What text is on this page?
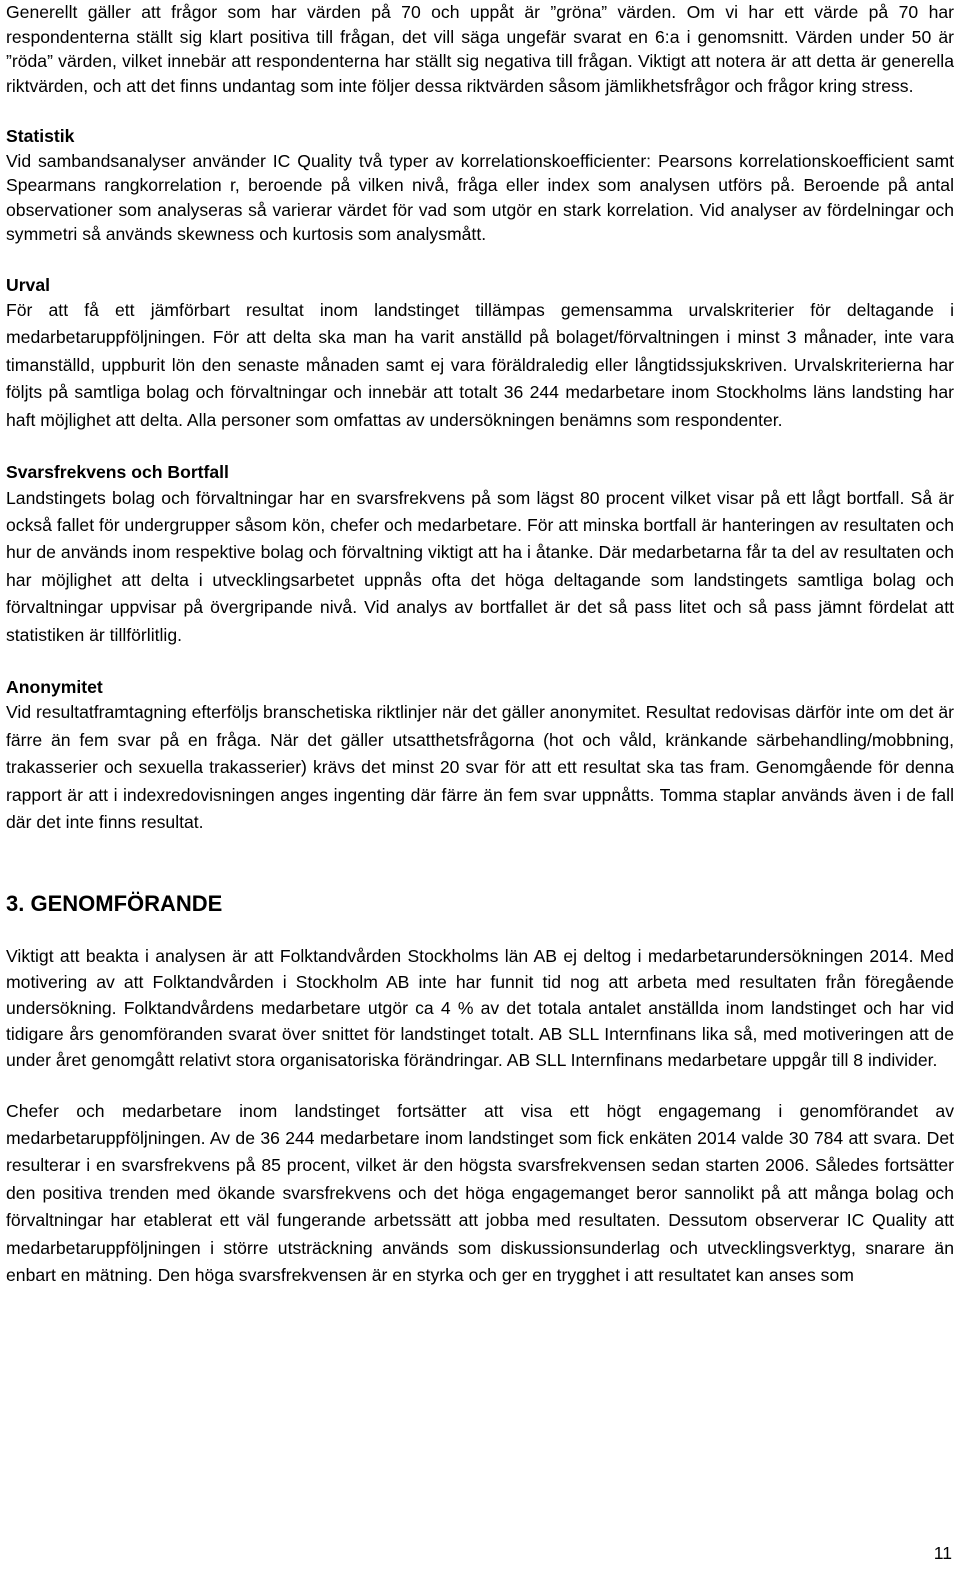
Generellt gäller att frågor som har värden på 70 och uppåt är ”gröna” värden. Om vi har ett värde på 70 har respondenterna ställt sig klart positiva till frågan, det vill säga ungefär svarat en 6:a i genomsnitt. Värden under 50 är ”röda” värden, vilket innebär att respondenterna har ställt sig negativa till frågan. Viktigt att notera är att detta är generella riktvärden, och att det finns undantag som inte följer dessa riktvärden såsom jämlikhetsfrågor och frågor kring stress.

Statistik

Vid sambandsanalyser använder IC Quality två typer av korrelationskoefficienter: Pearsons korrelationskoefficient samt Spearmans rangkorrelation r, beroende på vilken nivå, fråga eller index som analysen utförs på. Beroende på antal observationer som analyseras så varierar värdet för vad som utgör en stark korrelation. Vid analyser av fördelningar och symmetri så används skewness och kurtosis som analysmått.

Urval

För att få ett jämförbart resultat inom landstinget tillämpas gemensamma urvalskriterier för deltagande i medarbetaruppföljningen. För att delta ska man ha varit anställd på bolaget/förvaltningen i minst 3 månader, inte vara timanställd, uppburit lön den senaste månaden samt ej vara föräldraledig eller långtidssjukskriven. Urvalskriterierna har följts på samtliga bolag och förvaltningar och innebär att totalt 36 244 medarbetare inom Stockholms läns landsting har haft möjlighet att delta. Alla personer som omfattas av undersökningen benämns som respondenter.

Svarsfrekvens och Bortfall

Landstingets bolag och förvaltningar har en svarsfrekvens på som lägst 80 procent vilket visar på ett lågt bortfall. Så är också fallet för undergrupper såsom kön, chefer och medarbetare. För att minska bortfall är hanteringen av resultaten och hur de används inom respektive bolag och förvaltning viktigt att ha i åtanke. Där medarbetarna får ta del av resultaten och har möjlighet att delta i utvecklingsarbetet uppnås ofta det höga deltagande som landstingets samtliga bolag och förvaltningar uppvisar på övergripande nivå. Vid analys av bortfallet är det så pass litet och så pass jämnt fördelat att statistiken är tillförlitlig.

Anonymitet

Vid resultatframtagning efterföljs branschetiska riktlinjer när det gäller anonymitet. Resultat redovisas därför inte om det är färre än fem svar på en fråga. När det gäller utsatthetsfrågorna (hot och våld, kränkande särbehandling/mobbning, trakasserier och sexuella trakasserier) krävs det minst 20 svar för att ett resultat ska tas fram. Genomgående för denna rapport är att i indexredovisningen anges ingenting där färre än fem svar uppnåtts. Tomma staplar används även i de fall där det inte finns resultat.

3. GENOMFÖRANDE

Viktigt att beakta i analysen är att Folktandvården Stockholms län AB ej deltog i medarbetarundersökningen 2014. Med motivering av att Folktandvården i Stockholm AB inte har funnit tid nog att arbeta med resultaten från föregående undersökning. Folktandvårdens medarbetare utgör ca 4 % av det totala antalet anställda inom landstinget och har vid tidigare års genomföranden svarat över snittet för landstinget totalt. AB SLL Internfinans lika så, med motiveringen att de under året genomgått relativt stora organisatoriska förändringar. AB SLL Internfinans medarbetare uppgår till 8 individer.

Chefer och medarbetare inom landstinget fortsätter att visa ett högt engagemang i genomförandet av medarbetaruppföljningen. Av de 36 244 medarbetare inom landstinget som fick enkäten 2014 valde 30 784 att svara. Det resulterar i en svarsfrekvens på 85 procent, vilket är den högsta svarsfrekvensen sedan starten 2006. Således fortsätter den positiva trenden med ökande svarsfrekvens och det höga engagemanget beror sannolikt på att många bolag och förvaltningar har etablerat ett väl fungerande arbetssätt att jobba med resultaten. Dessutom observerar IC Quality att medarbetaruppföljningen i större utsträckning används som diskussionsunderlag och utvecklingsverktyg, snarare än enbart en mätning. Den höga svarsfrekvensen är en styrka och ger en trygghet i att resultatet kan anses som

11
